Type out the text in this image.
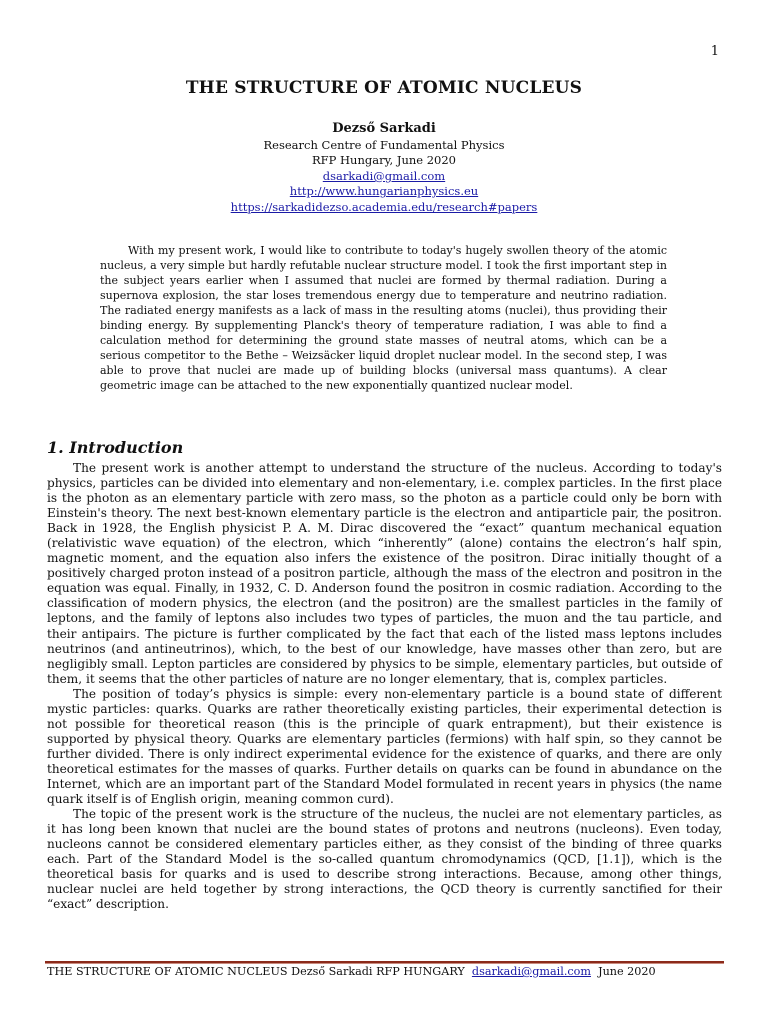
1
THE STRUCTURE OF ATOMIC NUCLEUS
Dezső Sarkadi
Research Centre of Fundamental Physics
RFP Hungary, June 2020
dsarkadi@gmail.com
http://www.hungarianphysics.eu
https://sarkadidezso.academia.edu/research#papers

With my present work, I would like to contribute to today's hugely swollen theory of the atomic nucleus, a very simple but hardly refutable nuclear structure model. I took the first important step in the subject years earlier when I assumed that nuclei are formed by thermal radiation. During a supernova explosion, the star loses tremendous energy due to temperature and neutrino radiation. The radiated energy manifests as a lack of mass in the resulting atoms (nuclei), thus providing their binding energy. By supplementing Planck's theory of temperature radiation, I was able to find a calculation method for determining the ground state masses of neutral atoms, which can be a serious competitor to the Bethe – Weizsäcker liquid droplet nuclear model. In the second step, I was able to prove that nuclei are made up of building blocks (universal mass quantums). A clear geometric image can be attached to the new exponentially quantized nuclear model.

1. Introduction

The present work is another attempt to understand the structure of the nucleus. According to today's physics, particles can be divided into elementary and non-elementary, i.e. complex particles. In the first place is the photon as an elementary particle with zero mass, so the photon as a particle could only be born with Einstein's theory. The next best-known elementary particle is the electron and antiparticle pair, the positron. Back in 1928, the English physicist P. A. M. Dirac discovered the “exact” quantum mechanical equation (relativistic wave equation) of the electron, which “inherently” (alone) contains the electron’s half spin, magnetic moment, and the equation also infers the existence of the positron. Dirac initially thought of a positively charged proton instead of a positron particle, although the mass of the electron and positron in the equation was equal. Finally, in 1932, C. D. Anderson found the positron in cosmic radiation. According to the classification of modern physics, the electron (and the positron) are the smallest particles in the family of leptons, and the family of leptons also includes two types of particles, the muon and the tau particle, and their antipairs. The picture is further complicated by the fact that each of the listed mass leptons includes neutrinos (and antineutrinos), which, to the best of our knowledge, have masses other than zero, but are negligibly small. Lepton particles are considered by physics to be simple, elementary particles, but outside of them, it seems that the other particles of nature are no longer elementary, that is, complex particles.

The position of today’s physics is simple: every non-elementary particle is a bound state of different mystic particles: quarks. Quarks are rather theoretically existing particles, their experimental detection is not possible for theoretical reason (this is the principle of quark entrapment), but their existence is supported by physical theory. Quarks are elementary particles (fermions) with half spin, so they cannot be further divided. There is only indirect experimental evidence for the existence of quarks, and there are only theoretical estimates for the masses of quarks. Further details on quarks can be found in abundance on the Internet, which are an important part of the Standard Model formulated in recent years in physics (the name quark itself is of English origin, meaning common curd).

The topic of the present work is the structure of the nucleus, the nuclei are not elementary particles, as it has long been known that nuclei are the bound states of protons and neutrons (nucleons). Even today, nucleons cannot be considered elementary particles either, as they consist of the binding of three quarks each. Part of the Standard Model is the so-called quantum chromodynamics (QCD, [1.1]), which is the theoretical basis for quarks and is used to describe strong interactions. Because, among other things, nuclear nuclei are held together by strong interactions, the QCD theory is currently sanctified for their “exact” description.

THE STRUCTURE OF ATOMIC NUCLEUS Dezső Sarkadi RFP HUNGARY dsarkadi@gmail.com June 2020
